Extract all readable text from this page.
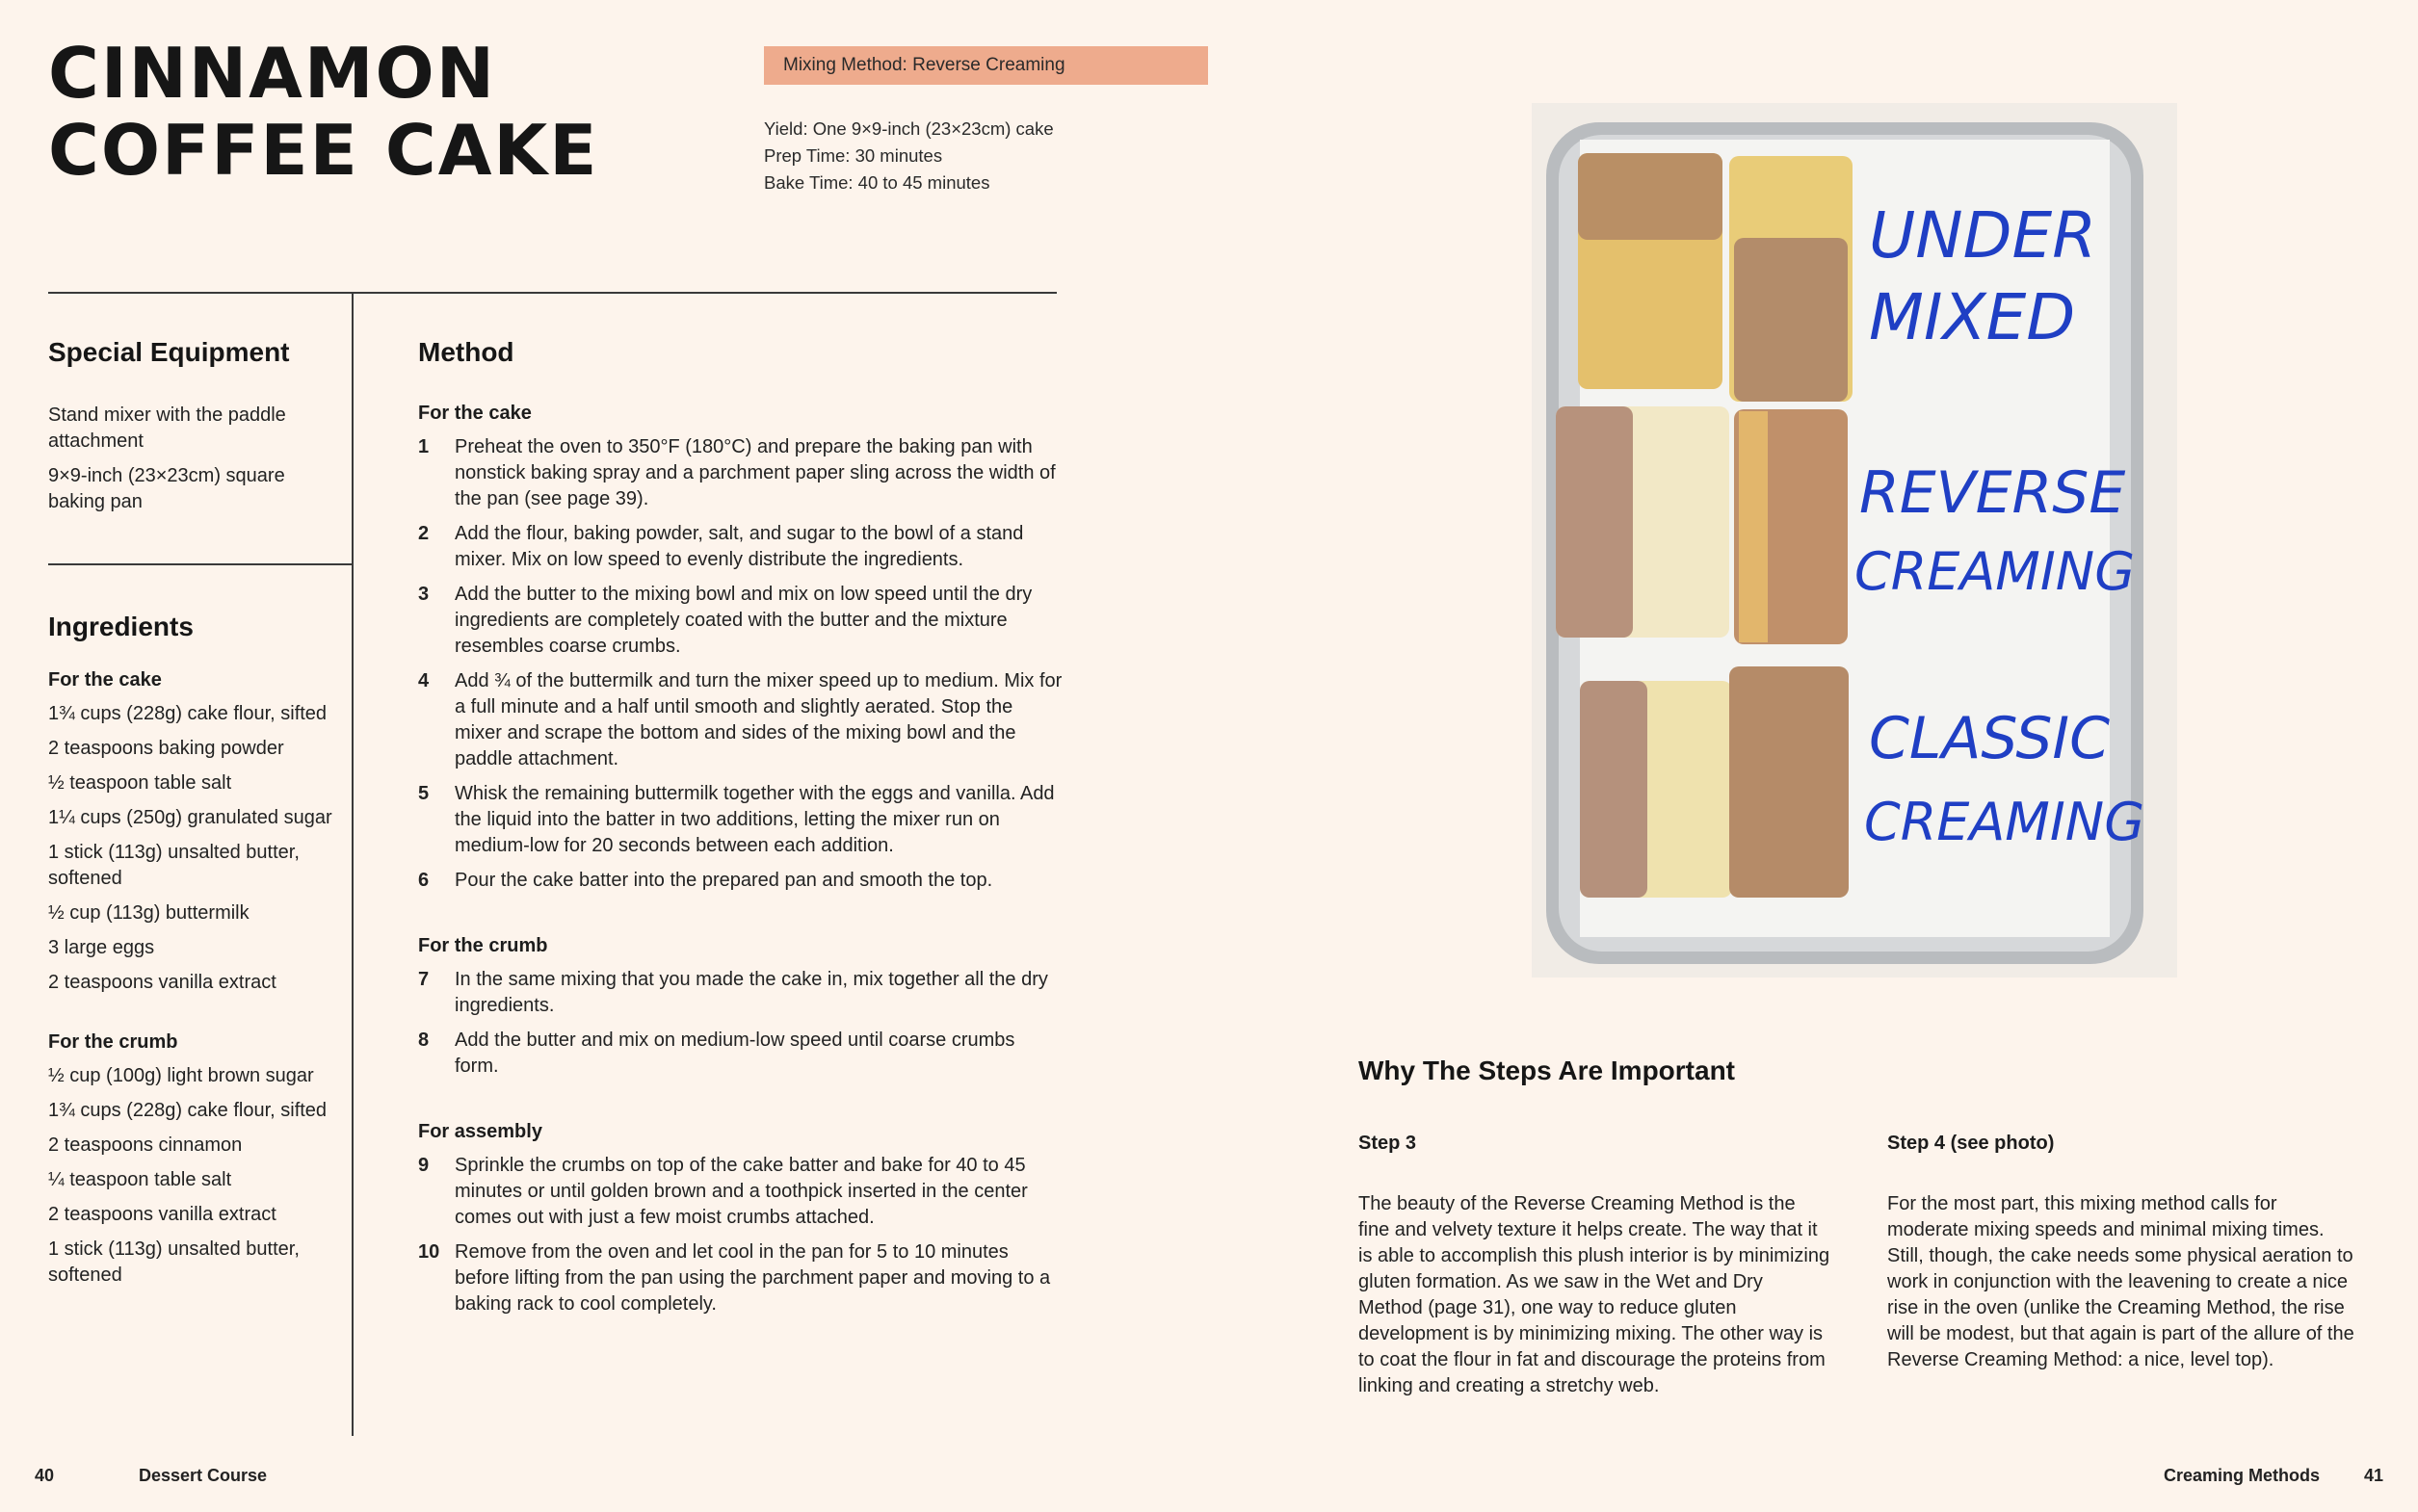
CINNAMON
COFFEE CAKE
Mixing Method: Reverse Creaming
Yield: One 9×9-inch (23×23cm) cake
Prep Time: 30 minutes
Bake Time: 40 to 45 minutes
Special Equipment
Stand mixer with the paddle attachment
9×9-inch (23×23cm) square baking pan
Ingredients
For the cake
1¾ cups (228g) cake flour, sifted
2 teaspoons baking powder
½ teaspoon table salt
1¼ cups (250g) granulated sugar
1 stick (113g) unsalted butter, softened
½ cup (113g) buttermilk
3 large eggs
2 teaspoons vanilla extract
For the crumb
½ cup (100g) light brown sugar
1¾ cups (228g) cake flour, sifted
2 teaspoons cinnamon
¼ teaspoon table salt
2 teaspoons vanilla extract
1 stick (113g) unsalted butter, softened
Method
For the cake
1 Preheat the oven to 350°F (180°C) and prepare the baking pan with nonstick baking spray and a parchment paper sling across the width of the pan (see page 39).
2 Add the flour, baking powder, salt, and sugar to the bowl of a stand mixer. Mix on low speed to evenly distribute the ingredients.
3 Add the butter to the mixing bowl and mix on low speed until the dry ingredients are completely coated with the butter and the mixture resembles coarse crumbs.
4 Add ¾ of the buttermilk and turn the mixer speed up to medium. Mix for a full minute and a half until smooth and slightly aerated. Stop the mixer and scrape the bottom and sides of the mixing bowl and the paddle attachment.
5 Whisk the remaining buttermilk together with the eggs and vanilla. Add the liquid into the batter in two additions, letting the mixer run on medium-low for 20 seconds between each addition.
6 Pour the cake batter into the prepared pan and smooth the top.
For the crumb
7 In the same mixing that you made the cake in, mix together all the dry ingredients.
8 Add the butter and mix on medium-low speed until coarse crumbs form.
For assembly
9 Sprinkle the crumbs on top of the cake batter and bake for 40 to 45 minutes or until golden brown and a toothpick inserted in the center comes out with just a few moist crumbs attached.
10 Remove from the oven and let cool in the pan for 5 to 10 minutes before lifting from the pan using the parchment paper and moving to a baking rack to cool completely.
UNDER
MIXED
REVERSE
CREAMING
CLASSIC
CREAMING
Why The Steps Are Important
Step 3
The beauty of the Reverse Creaming Method is the fine and velvety texture it helps create. The way that it is able to accomplish this plush interior is by minimizing gluten formation. As we saw in the Wet and Dry Method (page 31), one way to reduce gluten development is by minimizing mixing. The other way is to coat the flour in fat and discourage the proteins from linking and creating a stretchy web.
Step 4 (see photo)
For the most part, this mixing method calls for moderate mixing speeds and minimal mixing times. Still, though, the cake needs some physical aeration to work in conjunction with the leavening to create a nice rise in the oven (unlike the Creaming Method, the rise will be modest, but that again is part of the allure of the Reverse Creaming Method: a nice, level top).
40	Dessert Course	Creaming Methods	41
